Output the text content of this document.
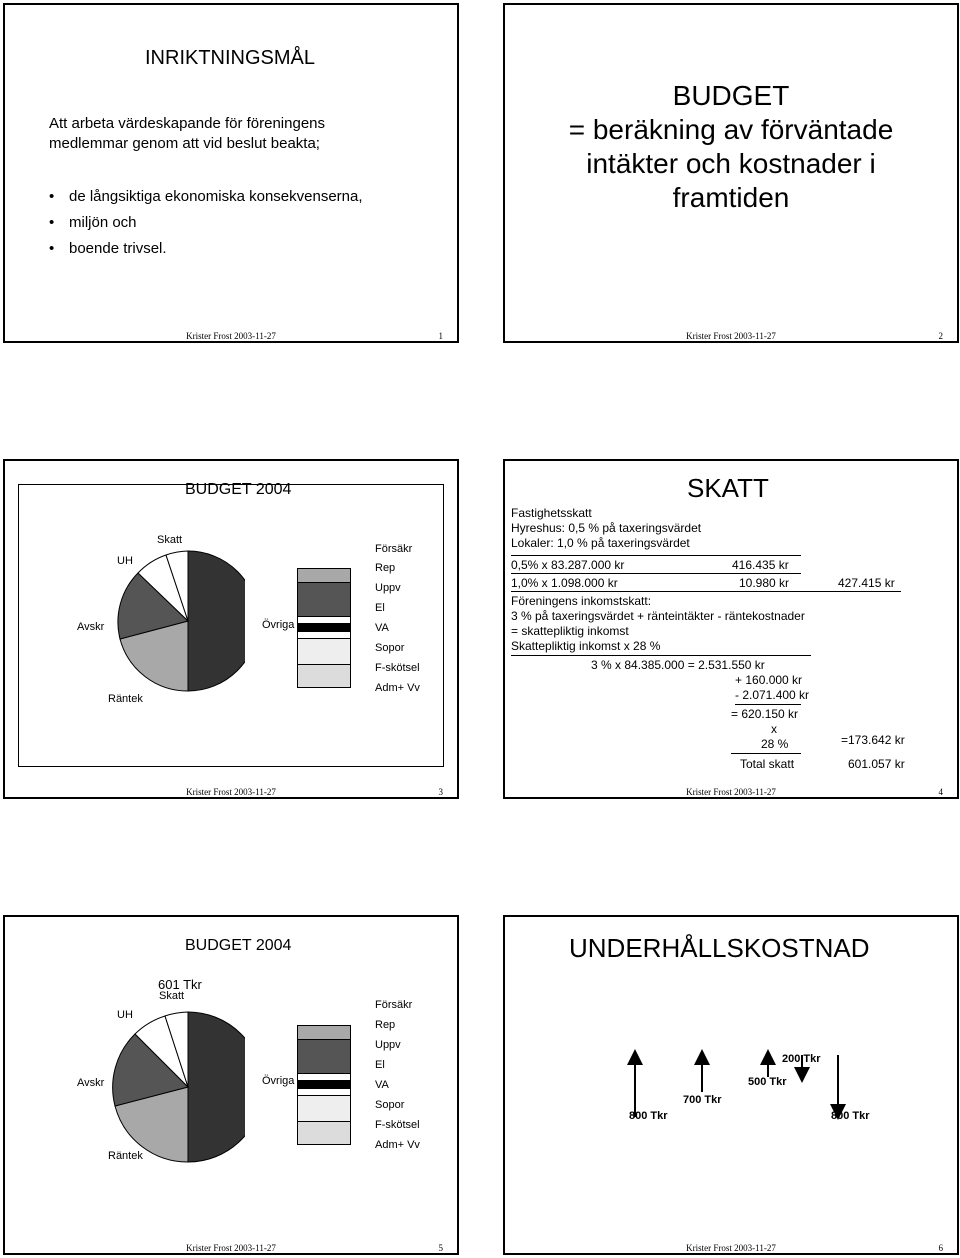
INRIKTNINGSMÅL
Att arbeta värdeskapande för föreningens
medlemmar genom att vid beslut beakta;
• de långsiktiga ekonomiska konsekvenserna,
• miljön och
• boende trivsel.
Krister Frost 2003-11-27	1
BUDGET
= beräkning av förväntade
intäkter och kostnader i
framtiden
Krister Frost 2003-11-27	2
BUDGET 2004
Skatt
UH
Avskr
Räntek
Övriga
Försäkr
Rep
Uppv
El
VA
Sopor
F-skötsel
Adm+ Vv
Krister Frost 2003-11-27	3
SKATT
Fastighetsskatt
Hyreshus: 0,5 % på taxeringsvärdet
Lokaler: 1,0 % på taxeringsvärdet
0,5% x 83.287.000 kr	416.435 kr
1,0% x 1.098.000 kr	10.980 kr	427.415 kr
Föreningens inkomstskatt:
3 % på taxeringsvärdet + ränteintäkter - räntekostnader
= skattepliktig inkomst
Skattepliktig inkomst x 28 %
3 % x 84.385.000 = 2.531.550 kr
+ 160.000 kr
- 2.071.400 kr
= 620.150 kr
x
28 %	=173.642 kr
Total skatt	601.057 kr
Krister Frost 2003-11-27	4
BUDGET 2004
601 Tkr
Skatt
UH
Avskr
Räntek
Övriga
Försäkr
Rep
Uppv
El
VA
Sopor
F-skötsel
Adm+ Vv
Krister Frost 2003-11-27	5
UNDERHÅLLSKOSTNAD
800 Tkr
700 Tkr
500 Tkr
200 Tkr
800 Tkr
Krister Frost 2003-11-27	6
